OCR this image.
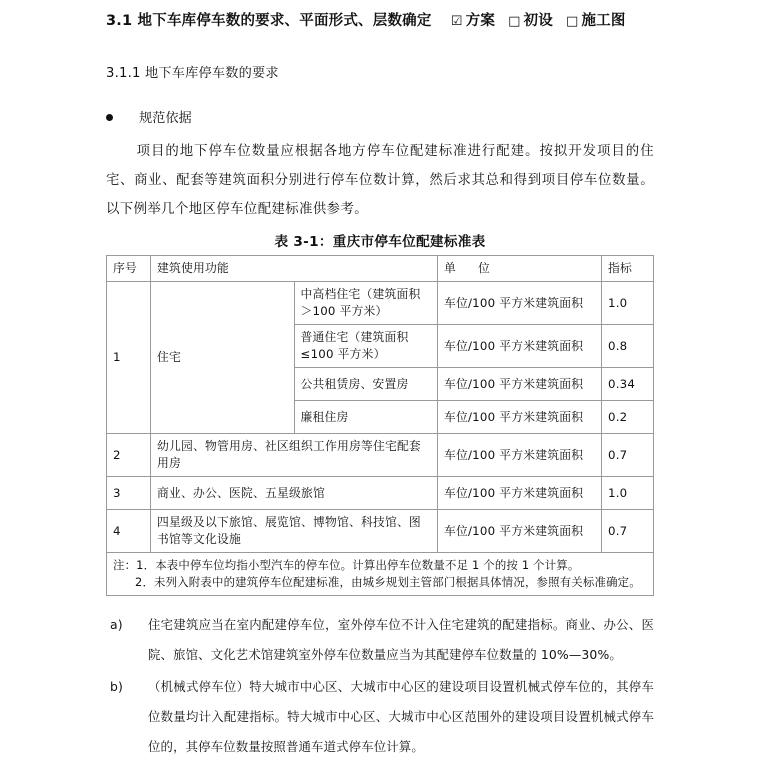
3.1 地下车库停车数的要求、平面形式、层数确定 ☑ 方案 □ 初设 □ 施工图
3.1.1 地下车库停车数的要求
规范依据

项目的地下停车位数量应根据各地方停车位配建标准进行配建。按拟开发项目的住宅、商业、配套等建筑面积分别进行停车位数计算，然后求其总和得到项目停车位数量。以下例举几个地区停车位配建标准供参考。

表 3-1：重庆市停车位配建标准表
序号	建筑使用功能		单 位	指标
1	住宅	中高档住宅（建筑面积＞100 平方米）	车位/100 平方米建筑面积	1.0
		普通住宅（建筑面积≤100 平方米）	车位/100 平方米建筑面积	0.8
		公共租赁房、安置房	车位/100 平方米建筑面积	0.34
		廉租住房	车位/100 平方米建筑面积	0.2
2	幼儿园、物管用房、社区组织工作用房等住宅配套用房		车位/100 平方米建筑面积	0.7
3	商业、办公、医院、五星级旅馆		车位/100 平方米建筑面积	1.0
4	四星级及以下旅馆、展览馆、博物馆、科技馆、图书馆等文化设施		车位/100 平方米建筑面积	0.7
注：1．本表中停车位均指小型汽车的停车位。计算出停车位数量不足 1 个的按 1 个计算。
2．未列入附表中的建筑停车位配建标准，由城乡规划主管部门根据具体情况，参照有关标准确定。				
a) 住宅建筑应当在室内配建停车位，室外停车位不计入住宅建筑的配建指标。商业、办公、医院、旅馆、文化艺术馆建筑室外停车位数量应当为其配建停车位数量的 10%—30%。
b) （机械式停车位）特大城市中心区、大城市中心区的建设项目设置机械式停车位的，其停车位数量均计入配建指标。特大城市中心区、大城市中心区范围外的建设项目设置机械式停车位的，其停车位数量按照普通车道式停车位计算。
